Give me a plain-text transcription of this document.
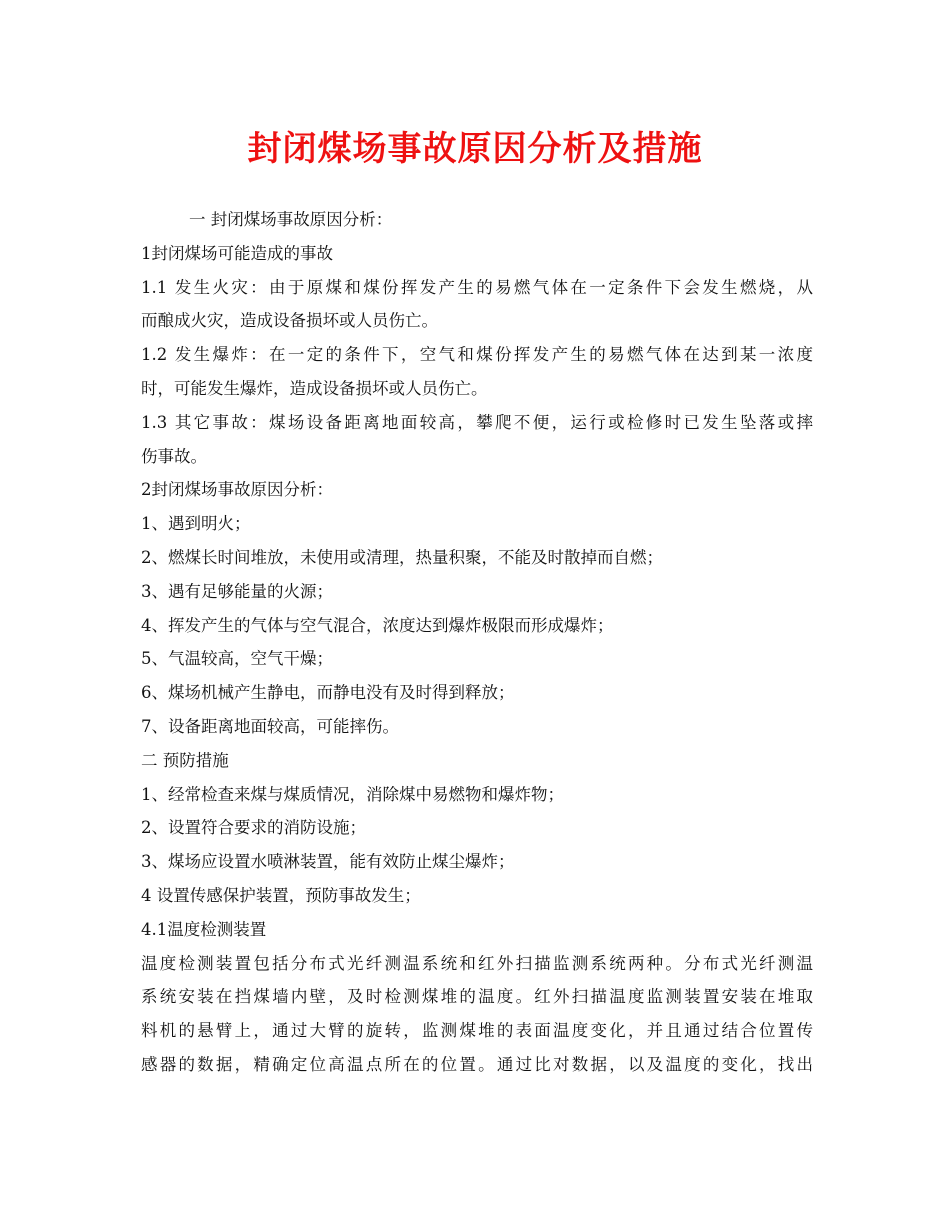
封闭煤场事故原因分析及措施
一 封闭煤场事故原因分析：
1封闭煤场可能造成的事故
1.1 发生火灾：由于原煤和煤份挥发产生的易燃气体在一定条件下会发生燃烧，从
而酿成火灾，造成设备损坏或人员伤亡。
1.2 发生爆炸：在一定的条件下，空气和煤份挥发产生的易燃气体在达到某一浓度
时，可能发生爆炸，造成设备损坏或人员伤亡。
1.3 其它事故：煤场设备距离地面较高，攀爬不便，运行或检修时已发生坠落或摔
伤事故。
2封闭煤场事故原因分析：
1、遇到明火；
2、燃煤长时间堆放，未使用或清理，热量积聚，不能及时散掉而自燃；
3、遇有足够能量的火源；
4、挥发产生的气体与空气混合，浓度达到爆炸极限而形成爆炸；
5、气温较高，空气干燥；
6、煤场机械产生静电，而静电没有及时得到释放；
7、设备距离地面较高，可能摔伤。
二 预防措施
1、经常检查来煤与煤质情况，消除煤中易燃物和爆炸物；
2、设置符合要求的消防设施；
3、煤场应设置水喷淋装置，能有效防止煤尘爆炸；
4 设置传感保护装置，预防事故发生；
4.1温度检测装置
温度检测装置包括分布式光纤测温系统和红外扫描监测系统两种。分布式光纤测温
系统安装在挡煤墙内壁，及时检测煤堆的温度。红外扫描温度监测装置安装在堆取
料机的悬臂上，通过大臂的旋转，监测煤堆的表面温度变化，并且通过结合位置传
感器的数据，精确定位高温点所在的位置。通过比对数据，以及温度的变化，找出
